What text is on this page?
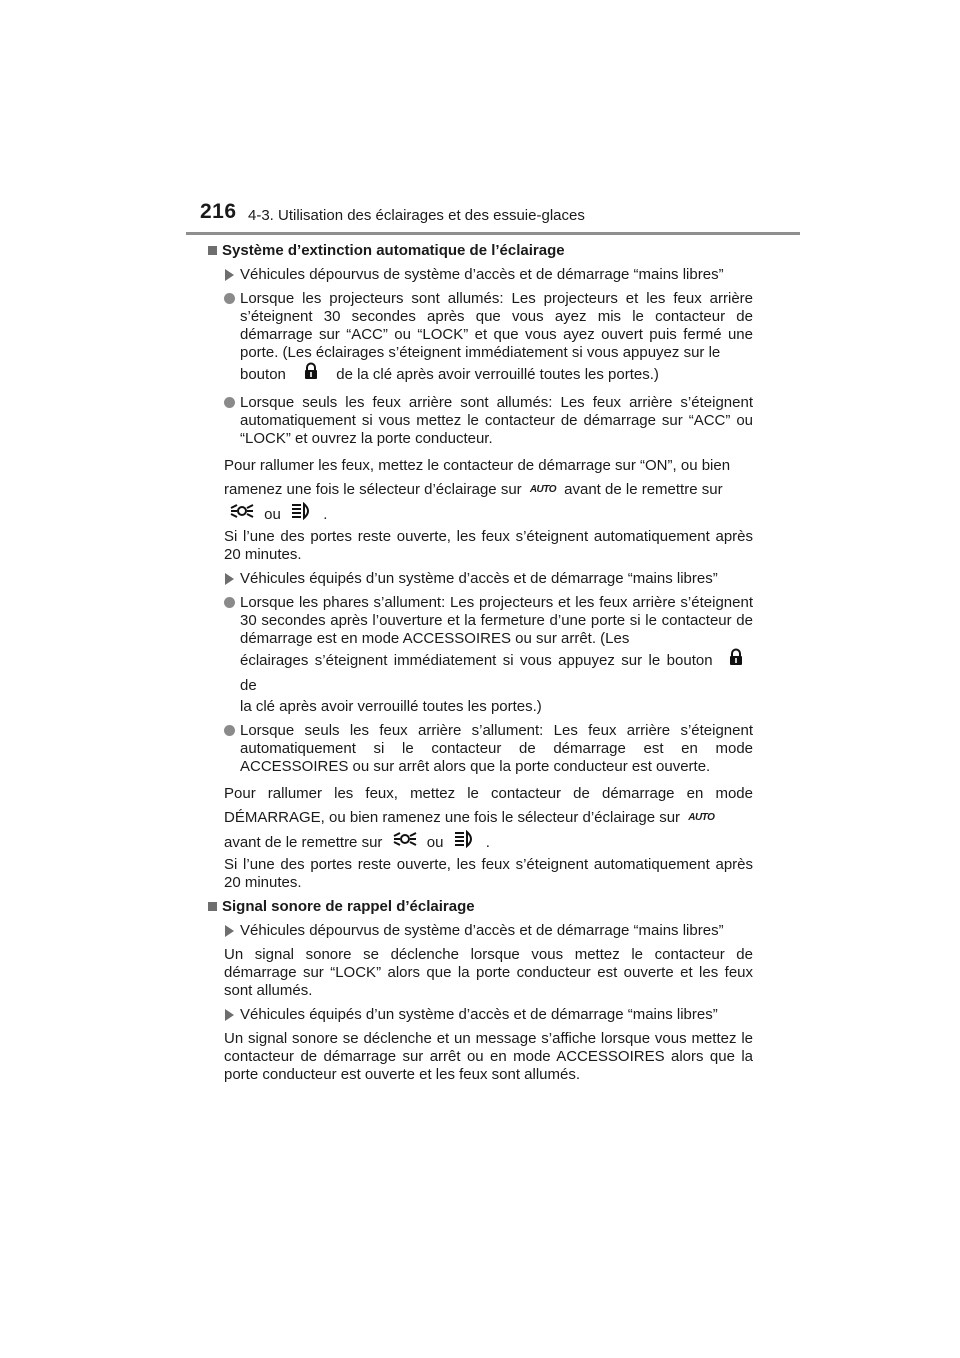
216 4-3. Utilisation des éclairages et des essuie-glaces
Système d’extinction automatique de l’éclairage
Véhicules dépourvus de système d’accès et de démarrage “mains libres”
Lorsque les projecteurs sont allumés: Les projecteurs et les feux arrière s’éteignent 30 secondes après que vous ayez mis le contacteur de démarrage sur “ACC” ou “LOCK” et que vous ayez ouvert puis fermé une porte. (Les éclairages s’éteignent immédiatement si vous appuyez sur le
bouton	de la clé après avoir verrouillé toutes les portes.)
Lorsque seuls les feux arrière sont allumés: Les feux arrière s’éteignent automatiquement si vous mettez le contacteur de démarrage sur “ACC” ou “LOCK” et ouvrez la porte conducteur.
Pour rallumer les feux, mettez le contacteur de démarrage sur “ON”, ou bien
ramenez une fois le sélecteur d’éclairage sur AUTO avant de le remettre sur
ou	.
Si l’une des portes reste ouverte, les feux s’éteignent automatiquement après 20 minutes.
Véhicules équipés d’un système d’accès et de démarrage “mains libres”
Lorsque les phares s’allument: Les projecteurs et les feux arrière s’éteignent 30 secondes après l’ouverture et la fermeture d’une porte si le contacteur de démarrage est en mode ACCESSOIRES ou sur arrêt. (Les
éclairages s’éteignent immédiatement si vous appuyez sur le bouton  de
la clé après avoir verrouillé toutes les portes.)
Lorsque seuls les feux arrière s’allument: Les feux arrière s’éteignent automatiquement si le contacteur de démarrage est en mode ACCESSOIRES ou sur arrêt alors que la porte conducteur est ouverte.
Pour rallumer les feux, mettez le contacteur de démarrage en mode
DÉMARRAGE, ou bien ramenez une fois le sélecteur d’éclairage sur AUTO
avant de le remettre sur	ou	.
Si l’une des portes reste ouverte, les feux s’éteignent automatiquement après 20 minutes.
Signal sonore de rappel d’éclairage
Véhicules dépourvus de système d’accès et de démarrage “mains libres”
Un signal sonore se déclenche lorsque vous mettez le contacteur de démarrage sur “LOCK” alors que la porte conducteur est ouverte et les feux sont allumés.
Véhicules équipés d’un système d’accès et de démarrage “mains libres”
Un signal sonore se déclenche et un message s’affiche lorsque vous mettez le contacteur de démarrage sur arrêt ou en mode ACCESSOIRES alors que la porte conducteur est ouverte et les feux sont allumés.
